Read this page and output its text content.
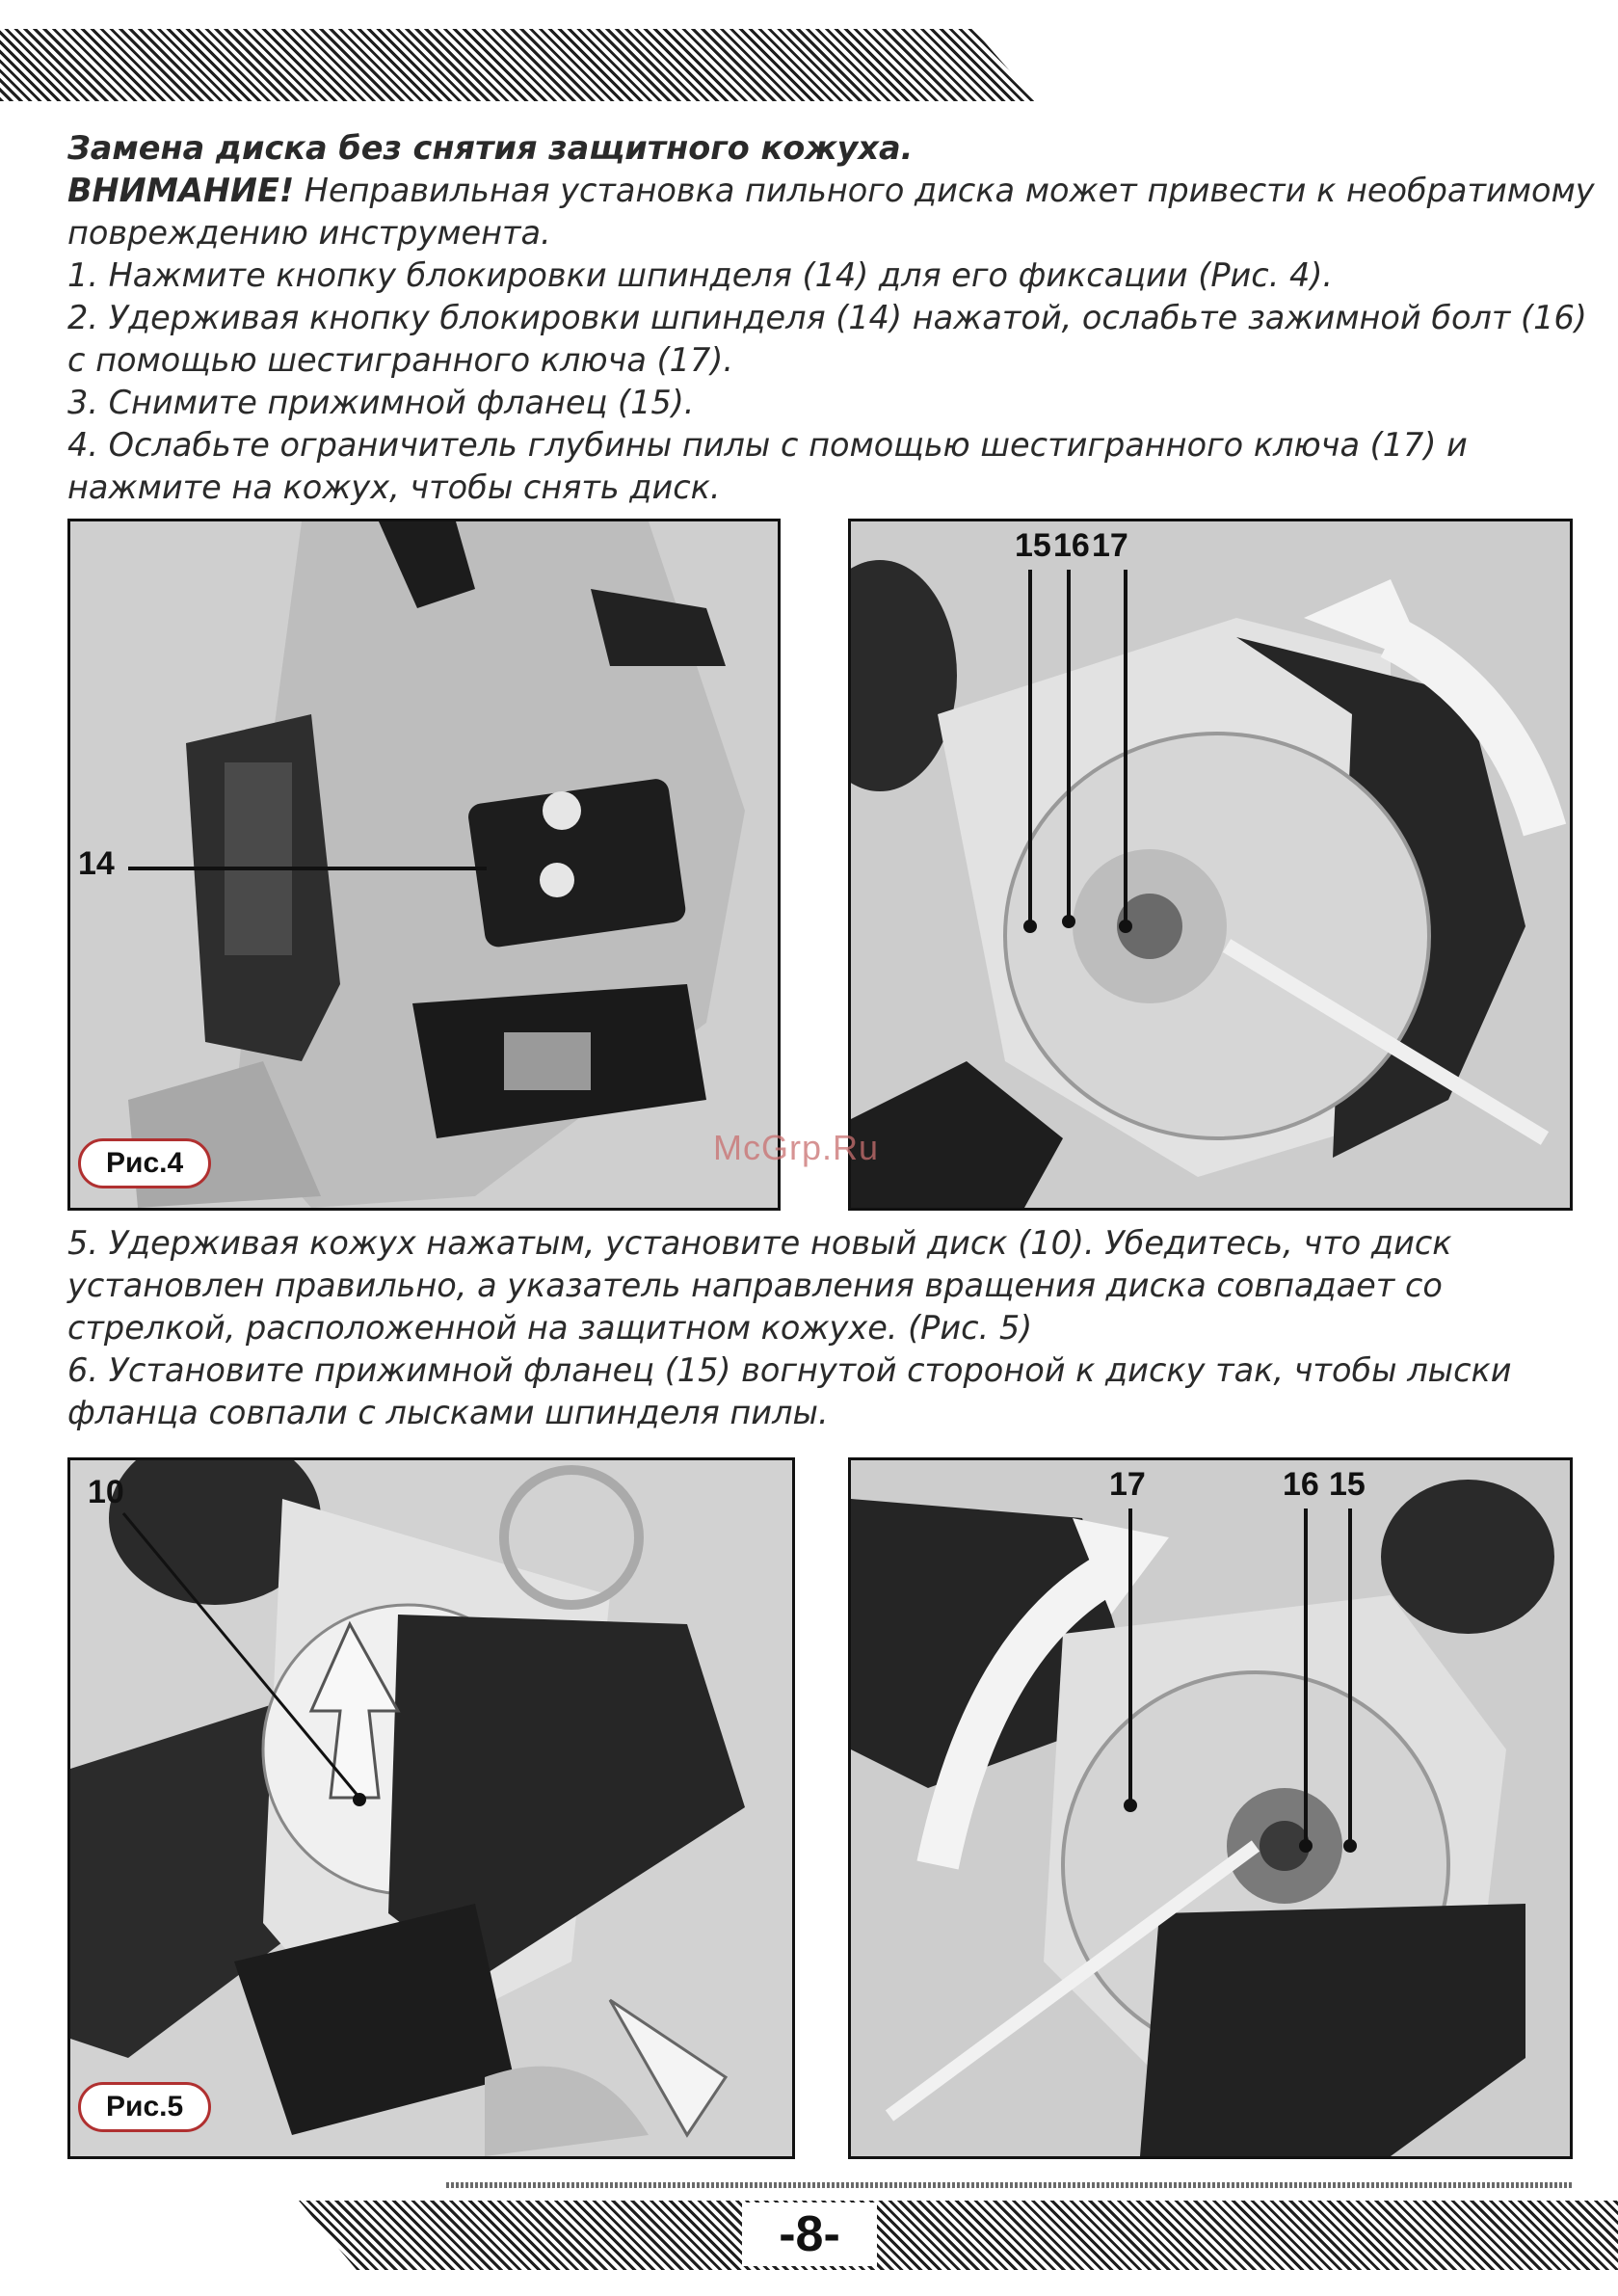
Замена диска без снятия защитного кожуха.
ВНИМАНИЕ! Неправильная установка пильного диска может привести к необратимому
повреждению инструмента.
1. Нажмите кнопку блокировки шпинделя (14) для его фиксации (Рис. 4).
2. Удерживая кнопку блокировки шпинделя (14) нажатой, ослабьте зажимной болт (16)
с помощью шестигранного ключа (17).
3. Снимите прижимной фланец (15).
4. Ослабьте ограничитель глубины пилы с помощью шестигранного ключа (17) и
нажмите на кожух, чтобы снять диск.
14
Рис.4
15 16 17
McGrp.Ru
5. Удерживая кожух нажатым, установите новый диск (10). Убедитесь, что диск
установлен правильно, а указатель направления вращения диска совпадает со
стрелкой, расположенной на защитном кожухе. (Рис. 5)
6. Установите прижимной фланец (15) вогнутой стороной к диску так, чтобы лыски
фланца совпали с лысками шпинделя пилы.
10
Рис.5
17	16 15
-8-
